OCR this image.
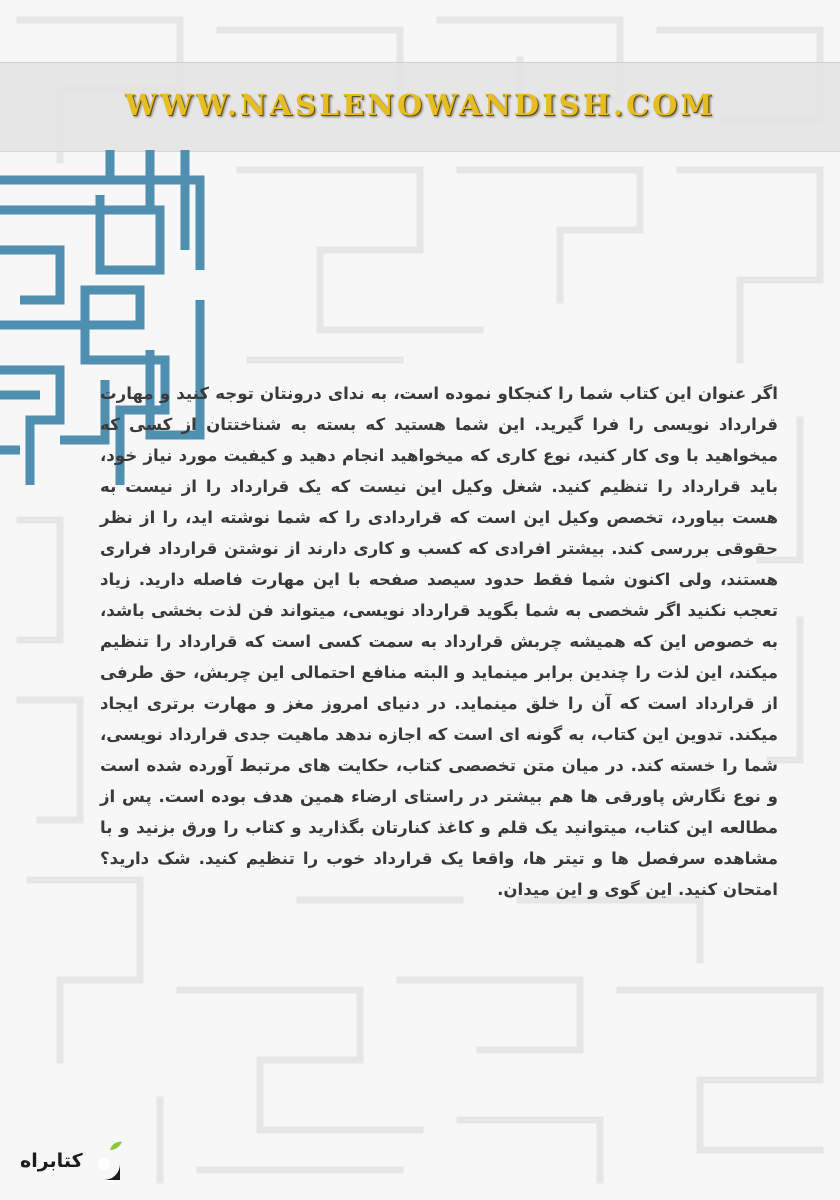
WWW.NASLENOWANDISH.COM

اگر عنوان این کتاب شما را کنجکاو نموده است، به ندای درونتان توجه کنید و مهارت قرارداد نویسی را فرا گیرید. این شما هستید که بسته به شناختتان از کسی که میخواهید با وی کار کنید، نوع کاری که میخواهید انجام دهید و کیفیت مورد نیاز خود، باید قرارداد را تنظیم کنید. شغل وکیل این نیست که یک قرارداد را از نیست به هست بیاورد، تخصص وکیل این است که قراردادی را که شما نوشته اید، را از نظر حقوقی بررسی کند. بیشتر افرادی که کسب و کاری دارند از نوشتن قرارداد فراری هستند، ولی اکنون شما فقط حدود سیصد صفحه با این مهارت فاصله دارید. زیاد تعجب نکنید اگر شخصی به شما بگوید قرارداد نویسی، میتواند فن لذت بخشی باشد، به خصوص این که همیشه چربش قرارداد به سمت کسی است که قرارداد را تنظیم میکند، این لذت را چندین برابر مینماید و البته منافع احتمالی این چربش، حق طرفی از قرارداد است که آن را خلق مینماید. در دنیای امروز مغز و مهارت برتری ایجاد میکند. تدوین این کتاب، به گونه ای است که اجازه ندهد ماهیت جدی قرارداد نویسی، شما را خسته کند. در میان متن تخصصی کتاب، حکایت های مرتبط آورده شده است و نوع نگارش پاورقی ها هم بیشتر در راستای ارضاء همین هدف بوده است. پس از مطالعه این کتاب، میتوانید یک قلم و کاغذ کنارتان بگذارید و کتاب را ورق بزنید و با مشاهده سرفصل ها و تیتر ها، واقعا یک قرارداد خوب را تنظیم کنید. شک دارید؟ امتحان کنید. این گوی و این میدان.

کتابراه
